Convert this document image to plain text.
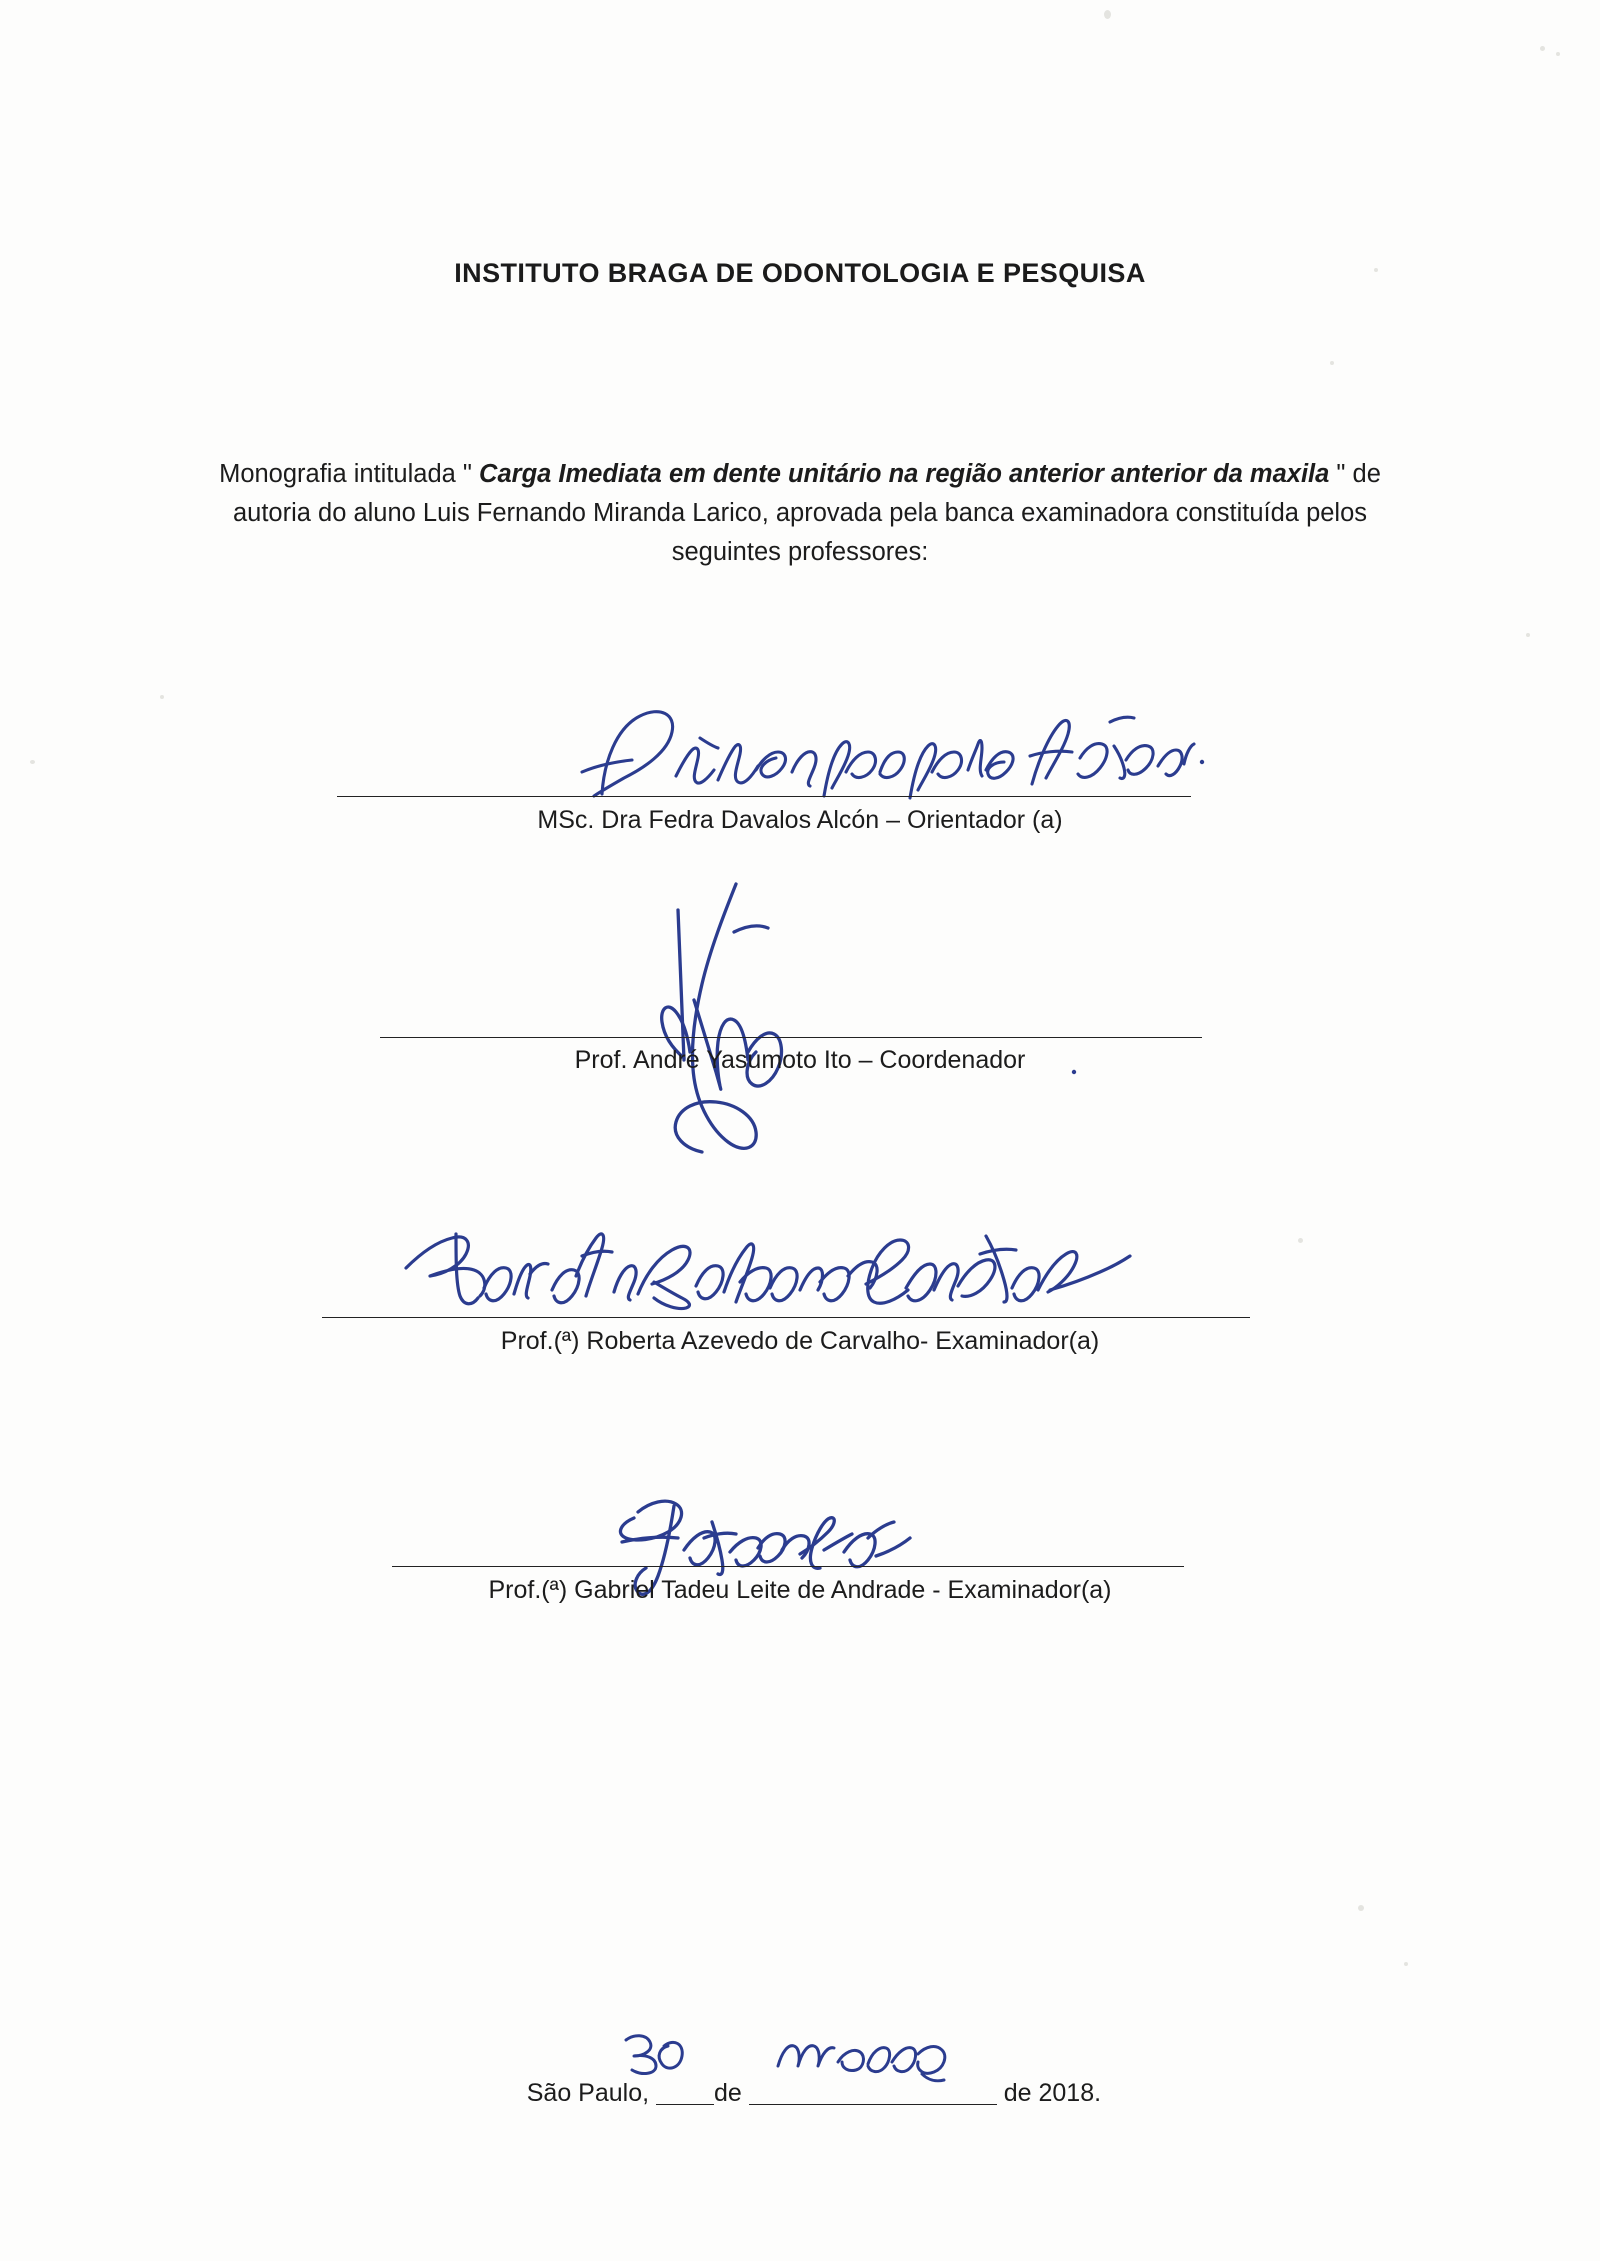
INSTITUTO BRAGA DE ODONTOLOGIA E PESQUISA
Monografia intitulada " Carga Imediata em dente unitário na região anterior anterior da maxila " de autoria do aluno Luis Fernando Miranda Larico, aprovada pela banca examinadora constituída pelos seguintes professores:
MSc. Dra Fedra Davalos Alcón – Orientador (a)
Prof. André Yasumoto Ito – Coordenador
Prof.(ª) Roberta Azevedo de Carvalho- Examinador(a)
Prof.(ª) Gabriel Tadeu Leite de Andrade - Examinador(a)

São Paulo,	de	de 2018.
